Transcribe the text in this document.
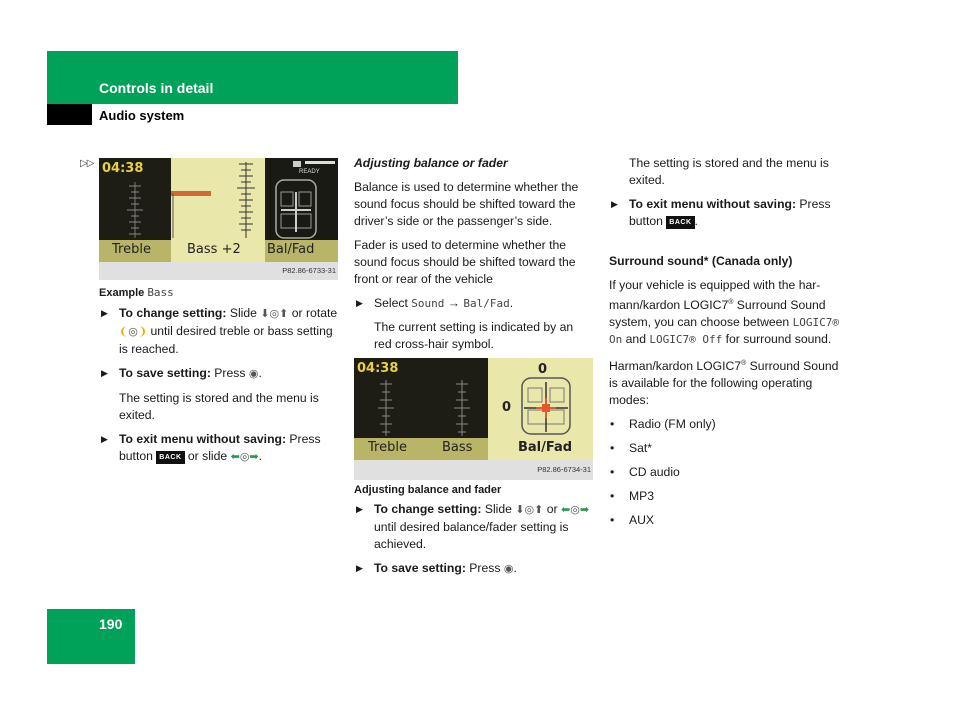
Controls in detail
Audio system
▷▷
190
04:38	READY
Treble	Bass +2 Bal/Fad
P82.86-6733-31
Example Bass
▶ To change setting: Slide ⬇◎⬆ or rotate ❨◎❩ until desired treble or bass setting is reached.
▶ To save setting: Press ◉.

The setting is stored and the menu is exited.

▶ To exit menu without saving: Press button BACK or slide ⬅◎➡.

Adjusting balance or fader

Balance is used to determine whether the sound focus should be shifted toward the driver’s side or the passenger’s side.

Fader is used to determine whether the sound focus should be shifted toward the front or rear of the vehicle

▶ Select Sound → Bal/Fad.

The current setting is indicated by an red cross-hair symbol.

04:38	0
0
Treble	Bass	Bal/Fad
P82.86-6734-31
Adjusting balance and fader
▶ To change setting: Slide ⬇◎⬆ or ⬅◎➡ until desired balance/fader setting is achieved.
▶ To save setting: Press ◉.

The setting is stored and the menu is exited.

▶ To exit menu without saving: Press button BACK .

Surround sound* (Canada only)

If your vehicle is equipped with the har-mann/kardon LOGIC7® Surround Sound system, you can choose between LOGIC7® On and LOGIC7® Off for surround sound.

Harman/kardon LOGIC7® Surround Sound is available for the following operating modes:

• Radio (FM only)
• Sat*
• CD audio
• MP3
• AUX
